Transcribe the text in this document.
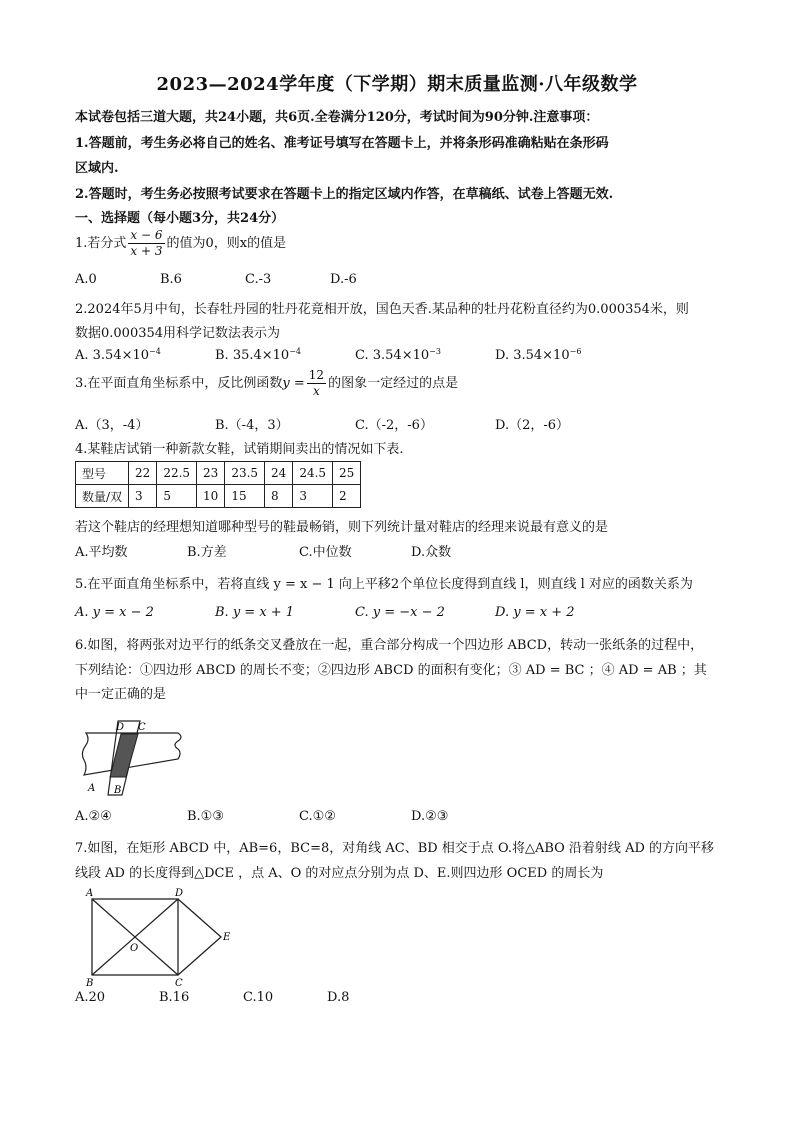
2023—2024学年度（下学期）期末质量监测·八年级数学
本试卷包括三道大题，共24小题，共6页.全卷满分120分，考试时间为90分钟.注意事项：
1.答题前，考生务必将自己的姓名、准考证号填写在答题卡上，并将条形码准确粘贴在条形码
区域内.
2.答题时，考生务必按照考试要求在答题卡上的指定区域内作答，在草稿纸、试卷上答题无效.
一、选择题（每小题3分，共24分）
1.若分式 $\frac{x - 6}{x + 3}$ 的值为0，则x的值是
A.0	B.6	C.-3	D.-6
2.2024年5月中旬，长春牡丹园的牡丹花竟相开放，国色天香.某品种的牡丹花粉直径约为0.000354米，则
数据0.000354用科学记数法表示为
A. $3.54\times 10^{-4}$	B. $35.4\times 10^{-4}$	C. $3.54\times 10^{-3}$	D. $3.54\times 10^{-6}$
3.在平面直角坐标系中，反比例函数$y = \frac{12}{x}$ 的图象一定经过的点是
A.（3，-4）	B.（-4，3）	C.（-2，-6）	D.（2，-6）
4.某鞋店试销一种新款女鞋，试销期间卖出的情况如下表.
型号	22	22.5	23	23.5	24	24.5	25
数量/双	3	5	10	15	8	3	2
若这个鞋店的经理想知道哪种型号的鞋最畅销，则下列统计量对鞋店的经理来说最有意义的是
A.平均数	B.方差	C.中位数	D.众数
5.在平面直角坐标系中，若将直线 y = x − 1 向上平移2个单位长度得到直线 l，则直线 l 对应的函数关系为
A. y = x − 2	B. y = x + 1	C. y = −x − 2	D. y = x + 2
6.如图，将两张对边平行的纸条交叉叠放在一起，重合部分构成一个四边形 ABCD，转动一张纸条的过程中，
下列结论：①四边形 ABCD 的周长不变；②四边形 ABCD 的面积有变化；③ AD = BC ；④ AD = AB ；其
中一定正确的是
D C
A B
A.②④	B.①③	C.①②	D.②③
7.如图，在矩形 ABCD 中，AB=6，BC=8，对角线 AC、BD 相交于点 O.将△ABO 沿着射线 AD 的方向平移
线段 AD 的长度得到△DCE ，点 A、O 的对应点分别为点 D、E.则四边形 OCED 的周长为
A	D
O
E
B	C
A.20	B.16	C.10	D.8
